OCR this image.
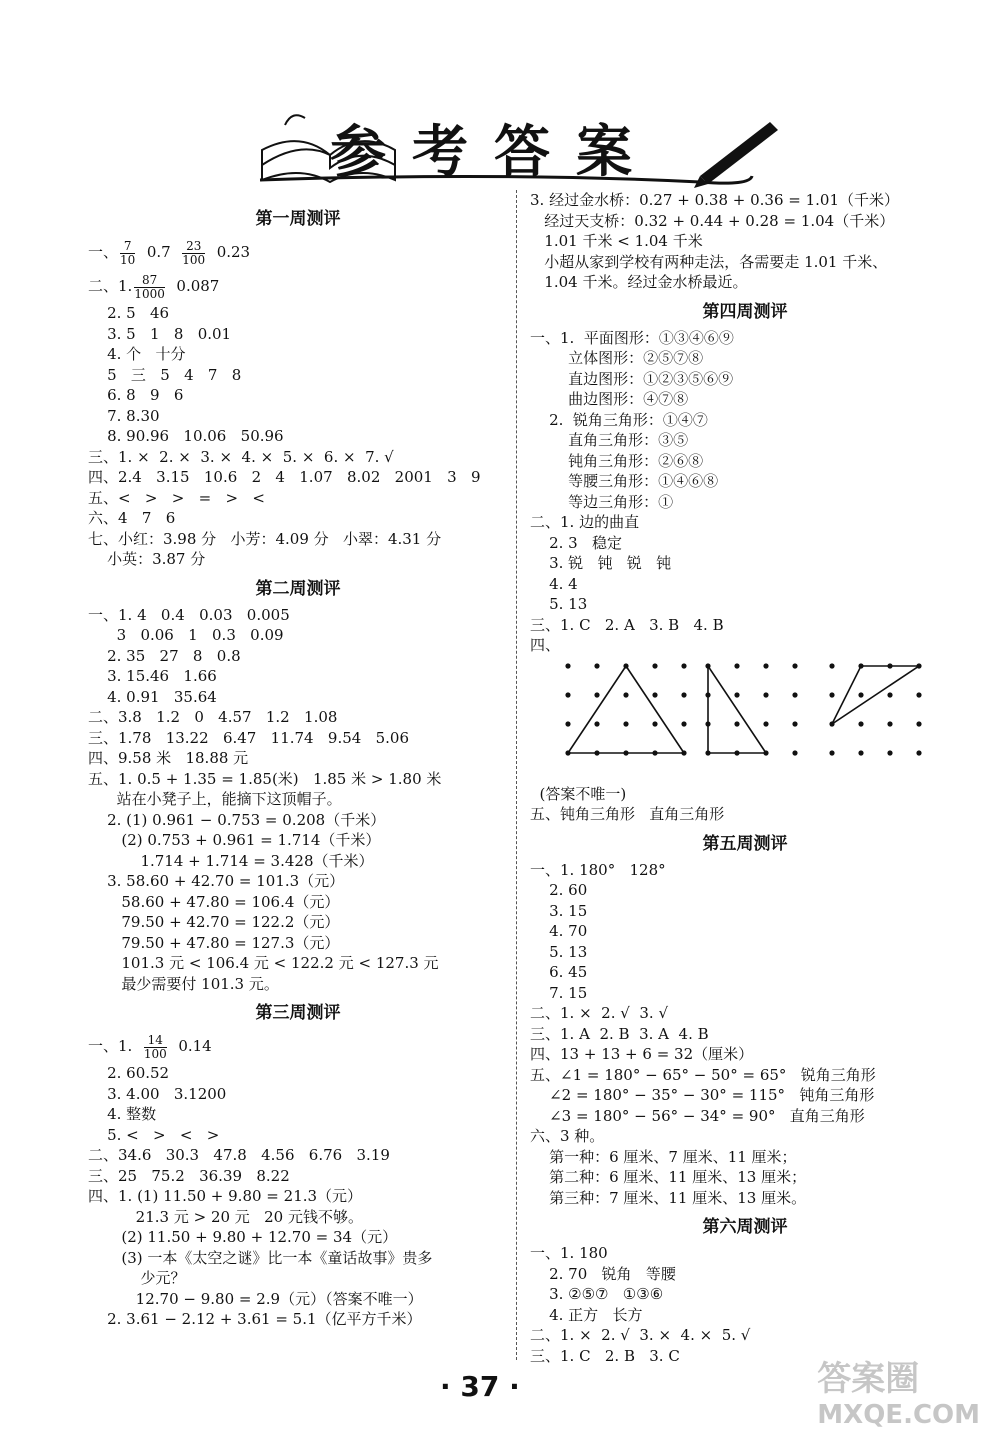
参考答案
第一周测评
一、 $\frac{7}{10} 0.7 \frac{23}{100} 0.23$
二、1. $\frac{87}{1000} 0.087$
2. 5   46
3. 5   1   8   0.01
4. 个   十分
5   三   5   4   7   8
6. 8   9   6
7. 8.30
8. 90.96   10.06   50.96
三、1. ×  2. ×  3. ×  4. ×  5. ×  6. ×  7. √
四、2.4   3.15   10.6   2   4   1.07   8.02   2001   3   9
五、<   >   >   =   >   <
六、4   7   6
七、小红：3.98 分   小芳：4.09 分   小翠：4.31 分
小英：3.87 分
第二周测评
一、1. 4   0.4   0.03   0.005
3   0.06   1   0.3   0.09
2. 35   27   8   0.8
3. 15.46   1.66
4. 0.91   35.64
二、3.8   1.2   0   4.57   1.2   1.08
三、1.78   13.22   6.47   11.74   9.54   5.06
四、9.58 米   18.88 元
五、1. 0.5 + 1.35 = 1.85(米)   1.85 米 > 1.80 米
站在小凳子上，能摘下这顶帽子。
2. (1) 0.961 − 0.753 = 0.208（千米）
(2) 0.753 + 0.961 = 1.714（千米）
1.714 + 1.714 = 3.428（千米）
3. 58.60 + 42.70 = 101.3（元）
58.60 + 47.80 = 106.4（元）
79.50 + 42.70 = 122.2（元）
79.50 + 47.80 = 127.3（元）
101.3 元 < 106.4 元 < 122.2 元 < 127.3 元
最少需要付 101.3 元。
第三周测评
一、1. $\frac{14}{100} 0.14$
2. 60.52
3. 4.00   3.1200
4. 整数
5. <   >   <   >
二、34.6   30.3   47.8   4.56   6.76   3.19
三、25   75.2   36.39   8.22
四、1. (1) 11.50 + 9.80 = 21.3（元）
21.3 元 > 20 元   20 元钱不够。
(2) 11.50 + 9.80 + 12.70 = 34（元）
(3) 一本《太空之谜》比一本《童话故事》贵多
少元？
12.70 − 9.80 = 2.9（元）（答案不唯一）
2. 3.61 − 2.12 + 3.61 = 5.1（亿平方千米）
3. 经过金水桥：0.27 + 0.38 + 0.36 = 1.01（千米）
经过天支桥：0.32 + 0.44 + 0.28 = 1.04（千米）
1.01 千米 < 1.04 千米
小超从家到学校有两种走法，各需要走 1.01 千米、
1.04 千米。经过金水桥最近。
第四周测评
一、1.  平面图形：①③④⑥⑨
立体图形：②⑤⑦⑧
直边图形：①②③⑤⑥⑨
曲边图形：④⑦⑧
2.  锐角三角形：①④⑦
直角三角形：③⑤
钝角三角形：②⑥⑧
等腰三角形：①④⑥⑧
等边三角形：①
二、1. 边的曲直
2. 3   稳定
3. 锐   钝   锐   钝
4. 4
5. 13
三、1. C   2. A   3. B   4. B
四、
(答案不唯一)
五、钝角三角形   直角三角形
第五周测评
一、1. 180°   128°
2. 60
3. 15
4. 70
5. 13
6. 45
7. 15
二、1. ×  2. √  3. √
三、1. A  2. B  3. A  4. B
四、13 + 13 + 6 = 32（厘米）
五、∠1 = 180° − 65° − 50° = 65°   锐角三角形
∠2 = 180° − 35° − 30° = 115°   钝角三角形
∠3 = 180° − 56° − 34° = 90°   直角三角形
六、3 种。
第一种：6 厘米、7 厘米、11 厘米；
第二种：6 厘米、11 厘米、13 厘米；
第三种：7 厘米、11 厘米、13 厘米。
第六周测评
一、1. 180
2. 70   锐角   等腰
3. ②⑤⑦   ①③⑥
4. 正方   长方
二、1. ×  2. √  3. ×  4. ×  5. √
三、1. C   2. B   3. C
· 37 ·	答案圈
MXQE.COM
